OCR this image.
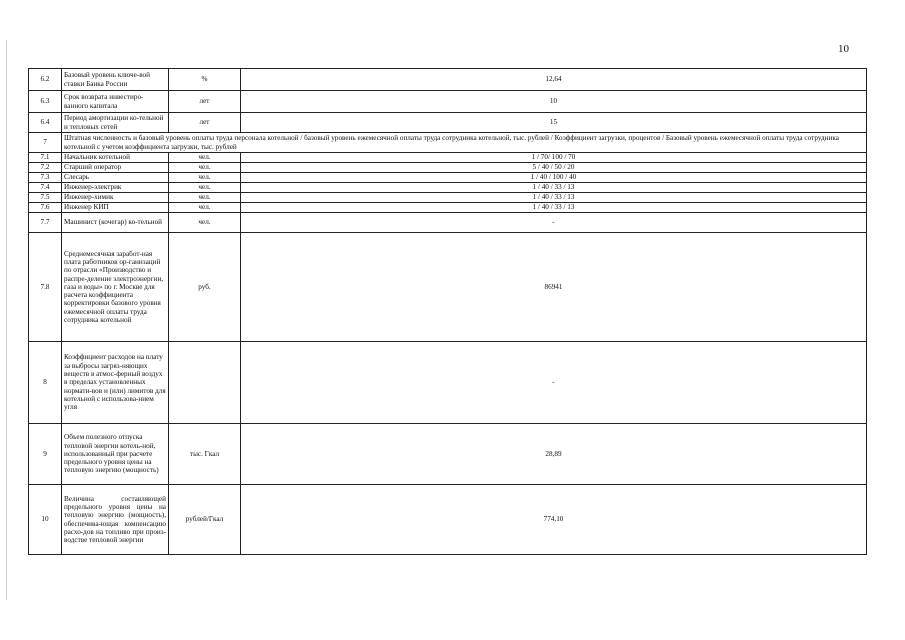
10
6.2	Базовый уровень ключе-вой ставки Банка России	%	12,64
6.3	Срок возврата инвестиро-ванного капитала	лет	10
6.4	Период амортизации ко-тельной и тепловых сетей	лет	15
7	Штатная численность и базовый уровень оплаты труда персонала котельной / базовый уровень ежемесячной оплаты труда сотрудника котельной, тыс. рублей / Коэффициент загрузки, процентов / Базовый уровень ежемесячной оплаты труда сотрудника котельной с учетом коэффициента загрузки, тыс. рублей		
7.1	Начальник котельной	чел.	1 / 70/ 100 / 70
7.2	Старший оператор	чел.	5 / 40 / 50 / 20
7.3	Слесарь	чел.	1 / 40 / 100 / 40
7.4	Инженер-электрик	чел.	1 / 40 / 33 / 13
7.5	Инженер-химик	чел.	1 / 40 / 33 / 13
7.6	Инженер КИП	чел.	1 / 40 / 33 / 13
7.7	Машинист (кочегар) ко-тельной	чел.	-
7.8	Среднемесячная заработ-ная плата работников ор-ганизаций по отрасли «Производство и распре-деление электроэнергии, газа и воды» по г. Москве для расчета коэффициента корректировки базового уровня ежемесячной оплаты труда сотрудника котельной	руб.	86941
8	Коэффициент расходов на плату за выбросы загряз-няющих веществ в атмос-ферный воздух в пределах установленных нормати-вов и (или) лимитов для котельной с использова-нием угля		-
9	Объем полезного отпуска тепловой энергии котель-ной, использованный при расчете предельного уровня цены на тепловую энергию (мощность)	тыс. Гкал	28,89
10	Величина составляющей предельного уровня цены на тепловую энергию (мощность), обеспечива-ющая компенсацию расхо-дов на топливо при произ-водстве тепловой энергии	рублей/Гкал	774,10
